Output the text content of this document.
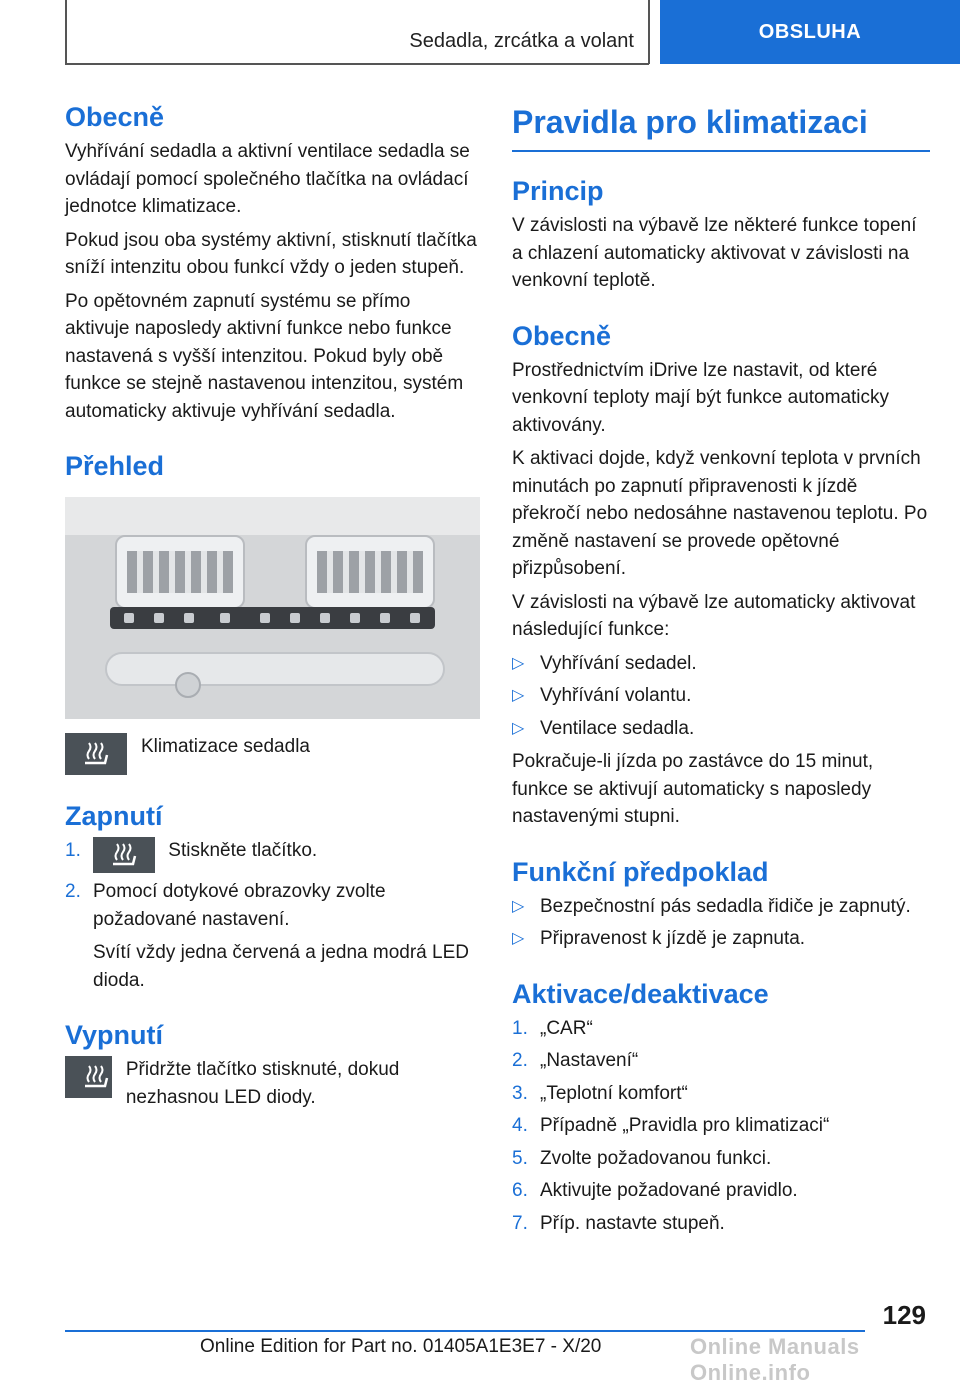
Sedadla, zrcátka a volant	OBSLUHA
Obecně

Vyhřívání sedadla a aktivní ventilace sedadla se ovládají pomocí společného tlačítka na ovládací jednotce klimatizace.

Pokud jsou oba systémy aktivní, stisknutí tlačítka sníží intenzitu obou funkcí vždy o jeden stupeň.

Po opětovném zapnutí systému se přímo aktivuje naposledy aktivní funkce nebo funkce nastavená s vyšší intenzitou. Pokud byly obě funkce se stejně nastavenou intenzitou, systém automaticky aktivuje vyhřívání sedadla.

Přehled
Klimatizace sedadla
Zapnutí
1.	Stiskněte tlačítko.
2. Pomocí dotykové obrazovky zvolte požadované nastavení.

Svítí vždy jedna červená a jedna modrá LED dioda.

Vypnutí
Přidržte tlačítko stisknuté, dokud nezhasnou LED diody.
Pravidla pro klimatizaci
Princip

V závislosti na výbavě lze některé funkce topení a chlazení automaticky aktivovat v závislosti na venkovní teplotě.

Obecně

Prostřednictvím iDrive lze nastavit, od které venkovní teploty mají být funkce automaticky aktivovány.

K aktivaci dojde, když venkovní teplota v prvních minutách po zapnutí připravenosti k jízdě překročí nebo nedosáhne nastavenou teplotu. Po změně nastavení se provede opětovné přizpůsobení.

V závislosti na výbavě lze automaticky aktivovat následující funkce:

▷ Vyhřívání sedadel.
▷ Vyhřívání volantu.
▷ Ventilace sedadla.

Pokračuje-li jízda po zastávce do 15 minut, funkce se aktivují automaticky s naposledy nastavenými stupni.

Funkční předpoklad
▷ Bezpečnostní pás sedadla řidiče je zapnutý.
▷ Připravenost k jízdě je zapnuta.
Aktivace/deaktivace
1. „CAR“
2. „Nastavení“
3. „Teplotní komfort“
4. Případně „Pravidla pro klimatizaci“
5. Zvolte požadovanou funkci.
6. Aktivujte požadované pravidlo.
7. Příp. nastavte stupeň.
129
Online Edition for Part no. 01405A1E3E7 - X/20	Online Manuals Online.info
